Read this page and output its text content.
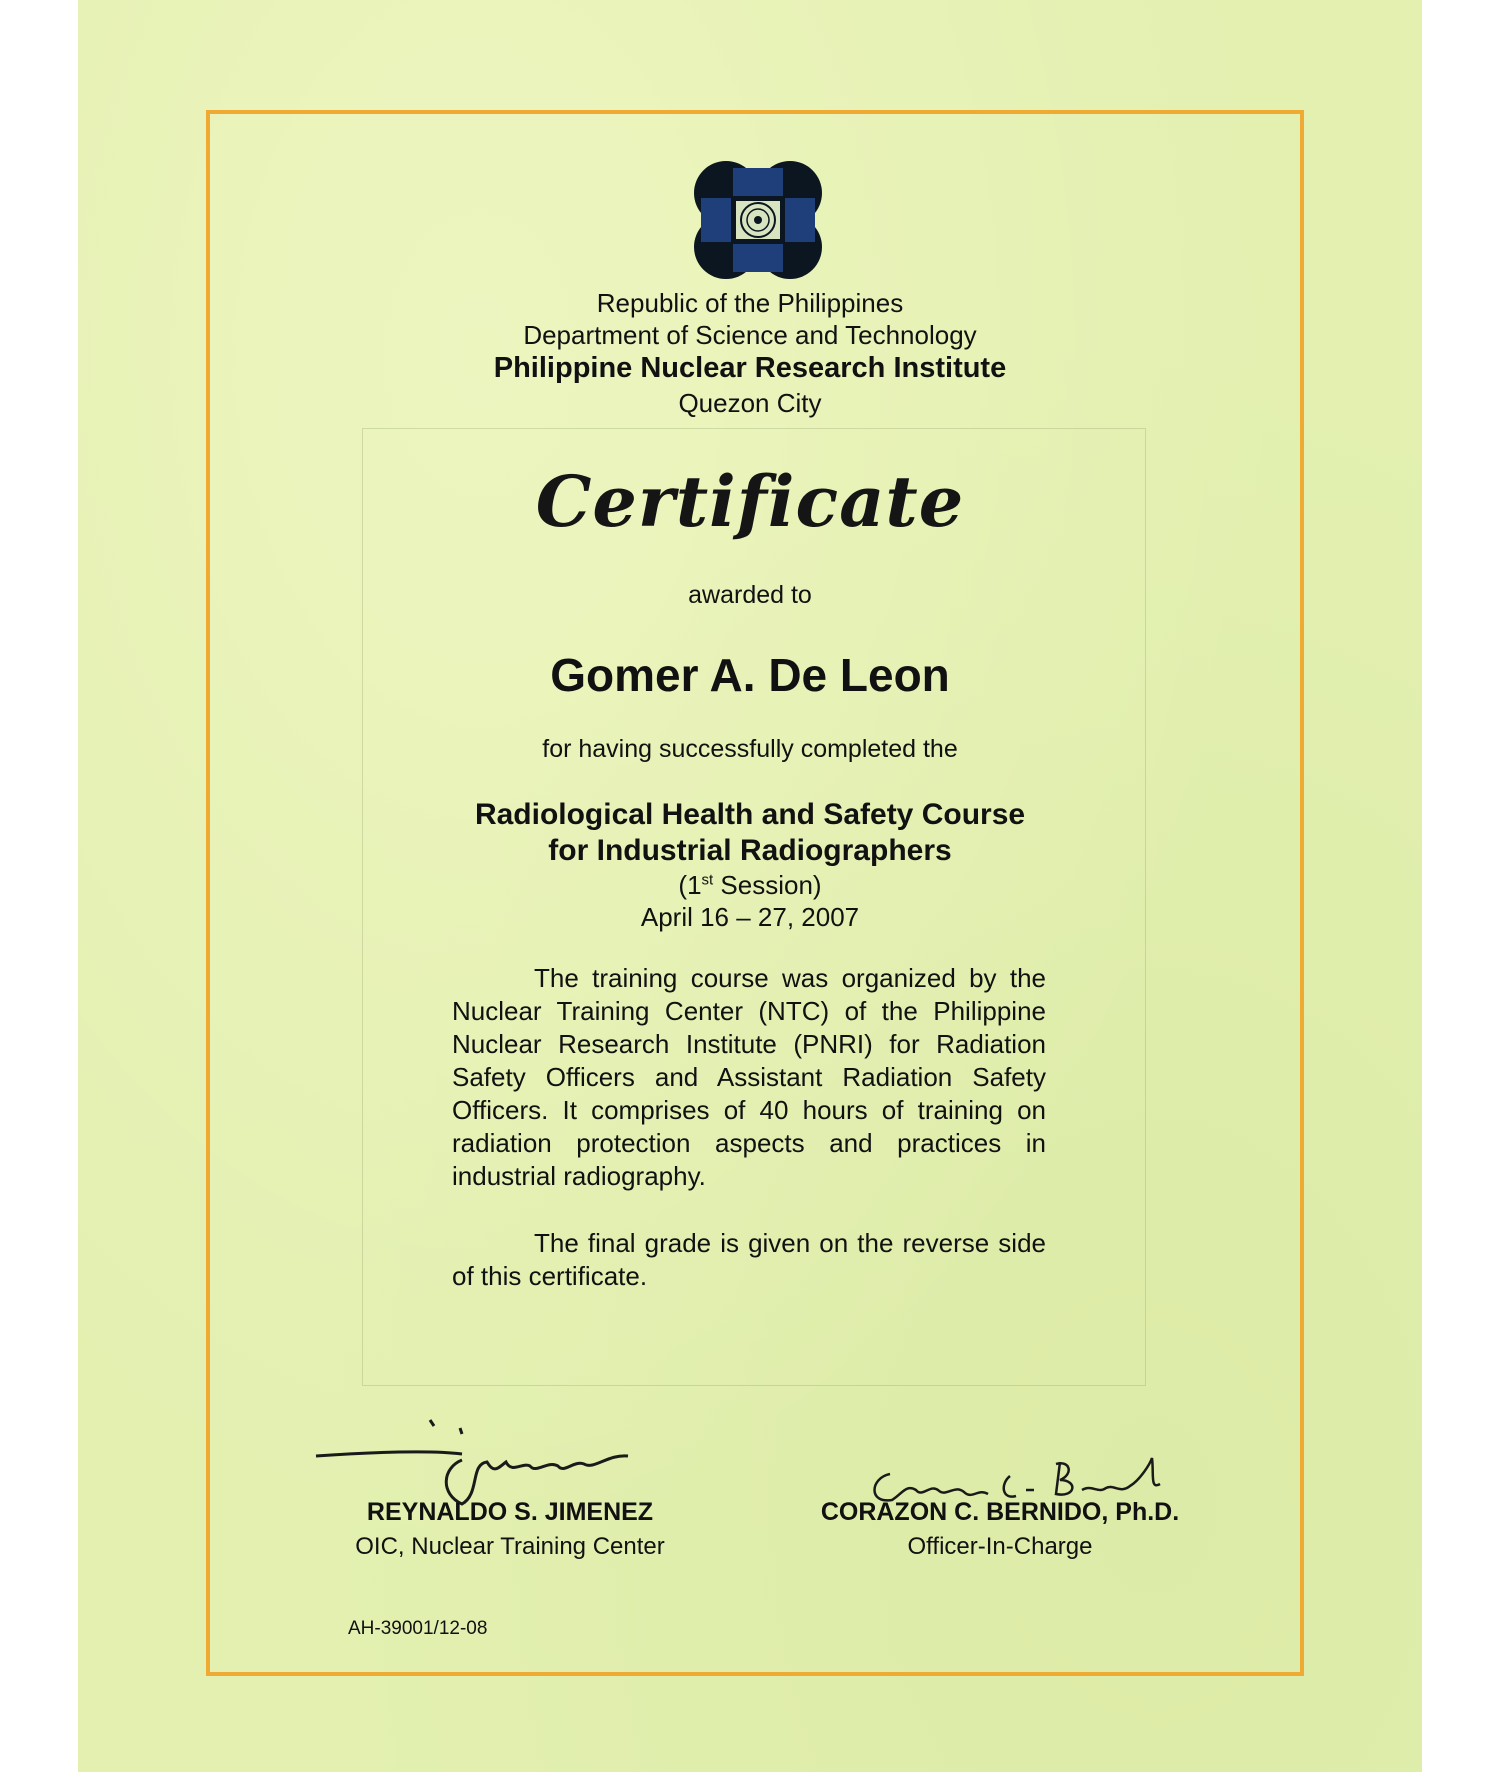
Republic of the Philippines
Department of Science and Technology
Philippine Nuclear Research Institute
Quezon City
Certificate
awarded to
Gomer A. De Leon
for having successfully completed the
Radiological Health and Safety Course
for Industrial Radiographers
(1st Session)
April 16 – 27, 2007
The training course was organized by the Nuclear Training Center (NTC) of the Philippine Nuclear Research Institute (PNRI) for Radiation Safety Officers and Assistant Radiation Safety Officers. It comprises of 40 hours of training on radiation protection aspects and practices in industrial radiography.
The final grade is given on the reverse side of this certificate.
REYNALDO S. JIMENEZ
OIC, Nuclear Training Center
CORAZON C. BERNIDO, Ph.D.
Officer-In-Charge
AH-39001/12-08
